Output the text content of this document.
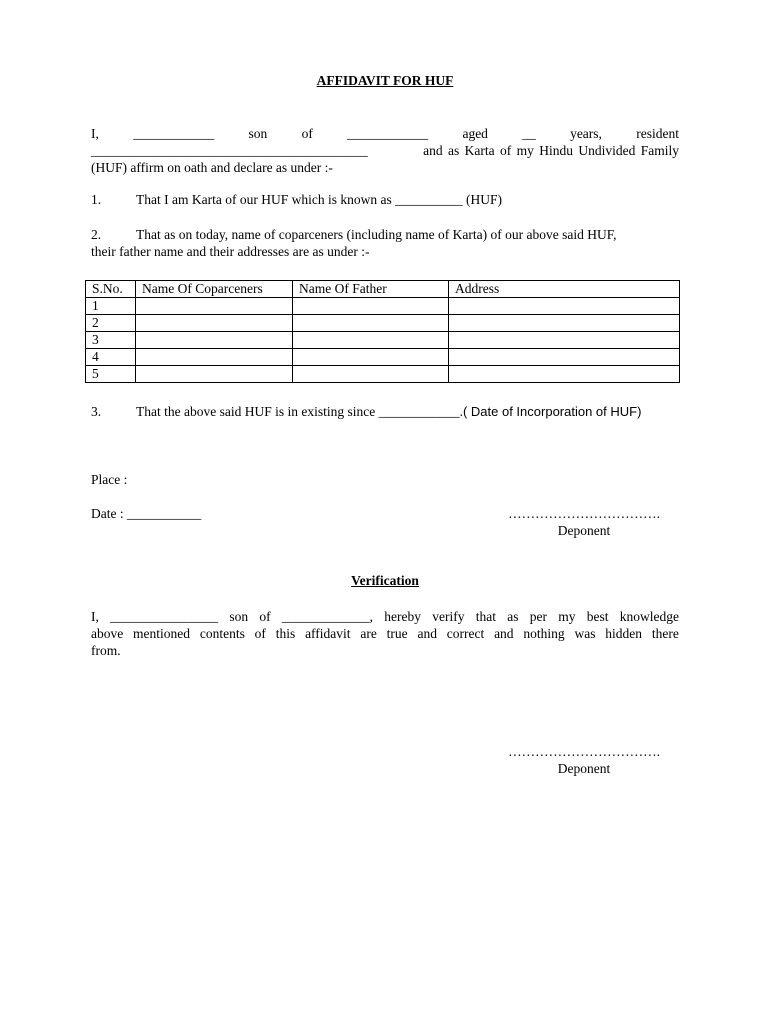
AFFIDAVIT FOR HUF
I,	____________	son	of	____________	aged	__	years,	resident
_________________________________________	and as Karta of my Hindu Undivided Family
(HUF) affirm on oath and declare as under :-
1.	That I am Karta of our HUF which is known as __________ (HUF)
2.	That as on today, name of coparceners (including name of Karta) of our above said HUF,
their father name and their addresses are as under :-
S.No.	Name Of Coparceners	Name Of Father	Address
1			
2			
3			
4			
5			
3.	That the above said HUF is in existing since ____________.( Date of Incorporation of HUF)
Place :
Date : ___________	…………………………….
Deponent
Verification
I, ________________ son of _____________, hereby verify that as per my best knowledge
above mentioned contents of this affidavit are true and correct and nothing was hidden there
from.
…………………………….
Deponent
